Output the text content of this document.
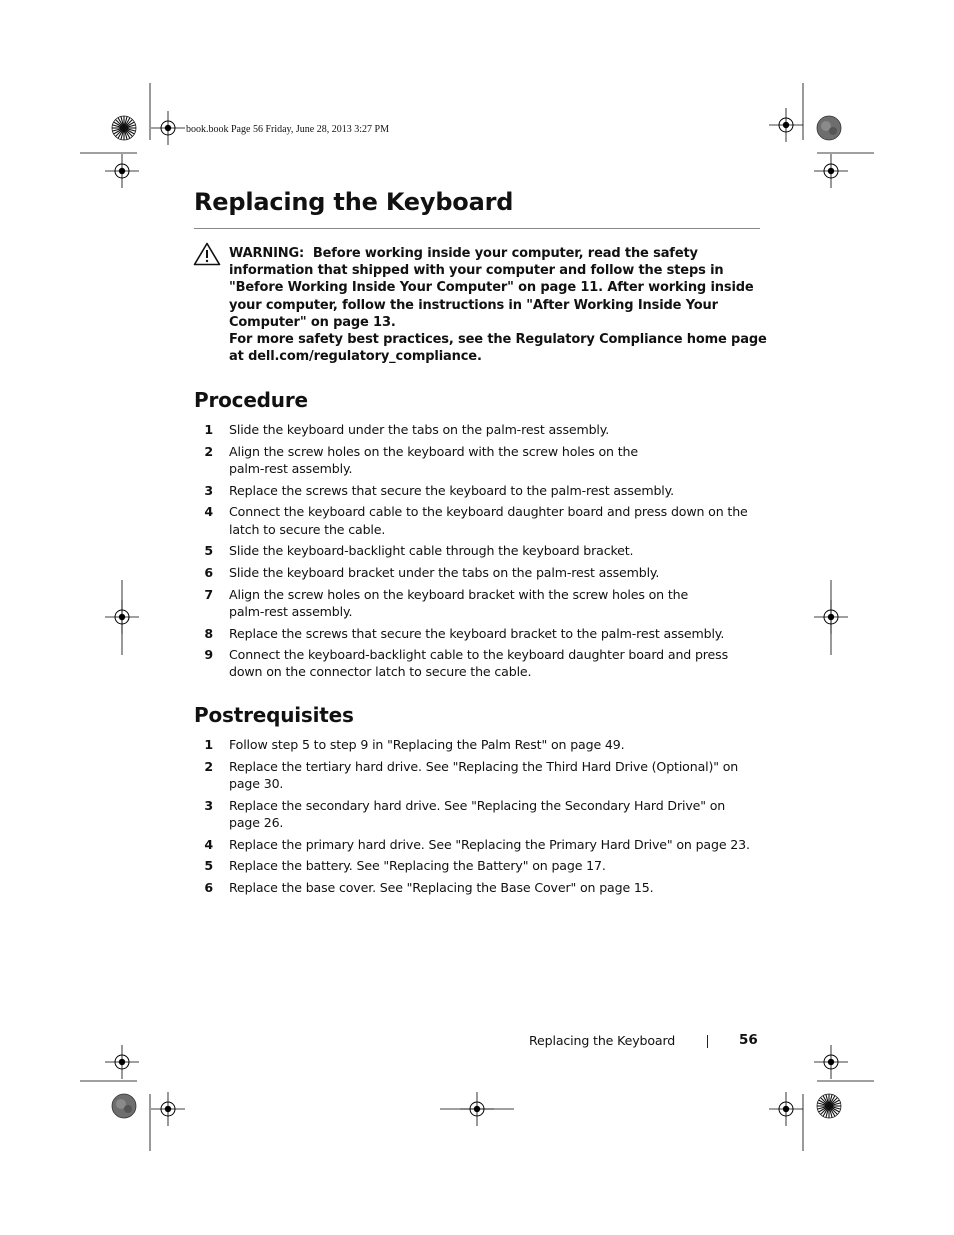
book.book Page 56 Friday, June 28, 2013 3:27 PM
Replacing the Keyboard
WARNING: Before working inside your computer, read the safety information that shipped with your computer and follow the steps in "Before Working Inside Your Computer" on page 11. After working inside your computer, follow the instructions in "After Working Inside Your Computer" on page 13.
For more safety best practices, see the Regulatory Compliance home page at dell.com/regulatory_compliance.
Procedure
1 Slide the keyboard under the tabs on the palm-rest assembly.
2 Align the screw holes on the keyboard with the screw holes on the palm-rest assembly.
3 Replace the screws that secure the keyboard to the palm-rest assembly.
4 Connect the keyboard cable to the keyboard daughter board and press down on the latch to secure the cable.
5 Slide the keyboard-backlight cable through the keyboard bracket.
6 Slide the keyboard bracket under the tabs on the palm-rest assembly.
7 Align the screw holes on the keyboard bracket with the screw holes on the palm-rest assembly.
8 Replace the screws that secure the keyboard bracket to the palm-rest assembly.
9 Connect the keyboard-backlight cable to the keyboard daughter board and press down on the connector latch to secure the cable.
Postrequisites
1 Follow step 5 to step 9 in "Replacing the Palm Rest" on page 49.
2 Replace the tertiary hard drive. See "Replacing the Third Hard Drive (Optional)" on page 30.
3 Replace the secondary hard drive. See "Replacing the Secondary Hard Drive" on page 26.
4 Replace the primary hard drive. See "Replacing the Primary Hard Drive" on page 23.
5 Replace the battery. See "Replacing the Battery" on page 17.
6 Replace the base cover. See "Replacing the Base Cover" on page 15.
Replacing the Keyboard	56
